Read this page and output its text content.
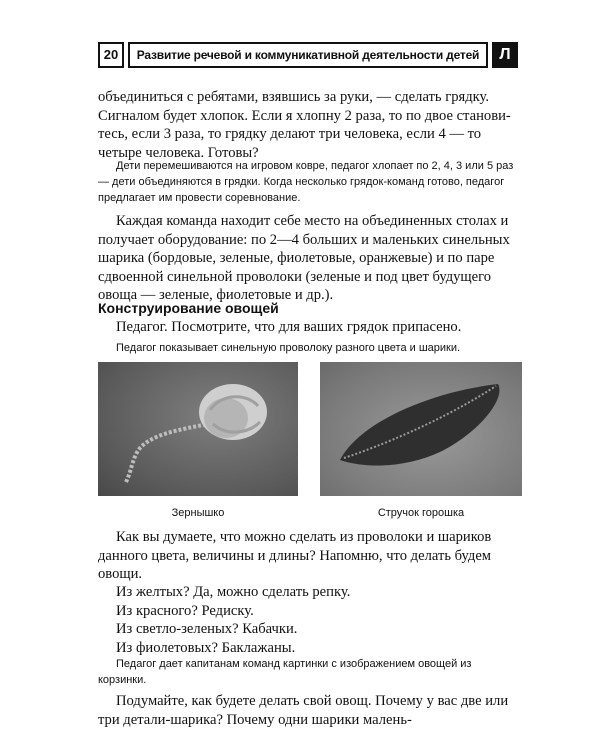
20	Развитие речевой и коммуникативной деятельности детей	Л

объединиться с ребятами, взявшись за руки, — сделать грядку. Сигналом будет хлопок. Если я хлопну 2 раза, то по двое становитесь, если 3 раза, то грядку делают три человека, если 4 — то четыре человека. Готовы?

Дети перемешиваются на игровом ковре, педагог хлопает по 2, 4, 3 или 5 раз — дети объединяются в грядки. Когда несколько грядок-команд готово, педагог предлагает им провести соревнование.

Каждая команда находит себе место на объединенных столах и получает оборудование: по 2—4 больших и маленьких синельных шарика (бордовые, зеленые, фиолетовые, оранжевые) и по паре сдвоенной синельной проволоки (зеленые и под цвет будущего овоща — зеленые, фиолетовые и др.).

Конструирование овощей

Педагог. Посмотрите, что для ваших грядок припасено.

Педагог показывает синельную проволоку разного цвета и шарики.

Зернышко	Стручок горошка

Как вы думаете, что можно сделать из проволоки и шариков данного цвета, величины и длины? Напомню, что делать будем овощи.

Из желтых? Да, можно сделать репку.

Из красного? Редиску.

Из светло-зеленых? Кабачки.

Из фиолетовых? Баклажаны.

Педагог дает капитанам команд картинки с изображением овощей из корзинки.

Подумайте, как будете делать свой овощ. Почему у вас две или три детали-шарика? Почему одни шарики малень-
